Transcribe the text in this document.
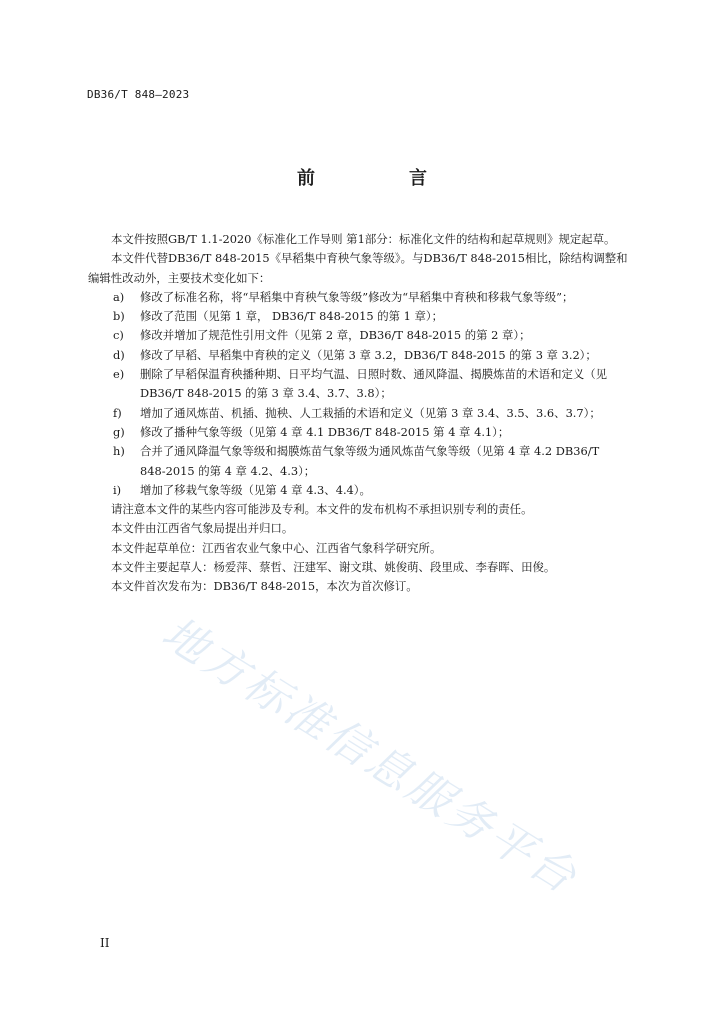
DB36/T 848—2023
前　言
本文件按照GB/T 1.1-2020《标准化工作导则 第1部分：标准化文件的结构和起草规则》规定起草。
本文件代替DB36/T 848-2015《早稻集中育秧气象等级》。与DB36/T 848-2015相比，除结构调整和
编辑性改动外，主要技术变化如下：
a) 修改了标准名称，将“早稻集中育秧气象等级”修改为“早稻集中育秧和移栽气象等级”；
b) 修改了范围（见第 1 章， DB36/T 848-2015 的第 1 章）；
c) 修改并增加了规范性引用文件（见第 2 章，DB36/T 848-2015 的第 2 章）；
d) 修改了早稻、早稻集中育秧的定义（见第 3 章 3.2，DB36/T 848-2015 的第 3 章 3.2）；
e) 删除了早稻保温育秧播种期、日平均气温、日照时数、通风降温、揭膜炼苗的术语和定义（见
DB36/T 848-2015 的第 3 章 3.4、3.7、3.8）；
f) 增加了通风炼苗、机插、抛秧、人工栽插的术语和定义（见第 3 章 3.4、3.5、3.6、3.7）；
g) 修改了播种气象等级（见第 4 章 4.1 DB36/T 848-2015 第 4 章 4.1）；
h) 合并了通风降温气象等级和揭膜炼苗气象等级为通风炼苗气象等级（见第 4 章 4.2 DB36/T
848-2015 的第 4 章 4.2、4.3）；
i) 增加了移栽气象等级（见第 4 章 4.3、4.4）。
请注意本文件的某些内容可能涉及专利。本文件的发布机构不承担识别专利的责任。
本文件由江西省气象局提出并归口。
本文件起草单位：江西省农业气象中心、江西省气象科学研究所。
本文件主要起草人：杨爱萍、蔡哲、汪建军、谢文琪、姚俊萌、段里成、李春晖、田俊。
本文件首次发布为：DB36/T 848-2015，本次为首次修订。
地方标准信息服务平台
II
